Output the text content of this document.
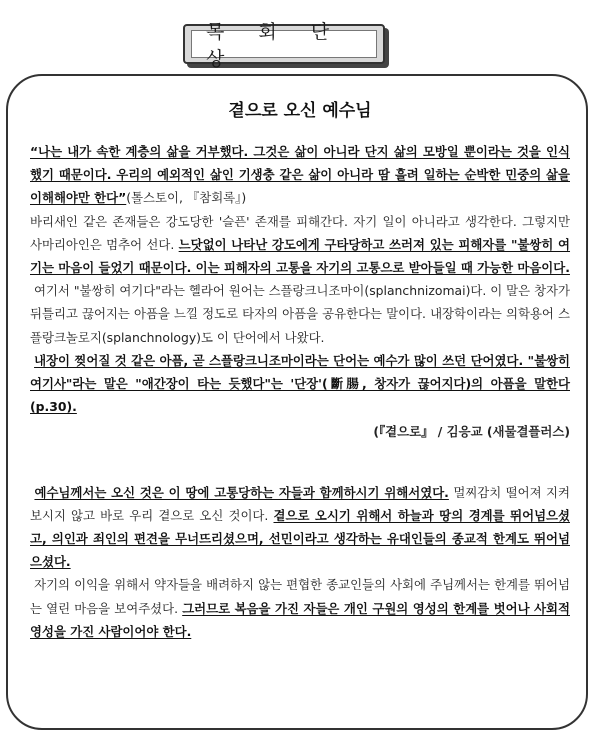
목 회 단 상
곁으로 오신 예수님

“나는 내가 속한 계층의 삶을 거부했다. 그것은 삶이 아니라 단지 삶의 모방일 뿐이라는 것을 인식했기 때문이다. 우리의 예외적인 삶인 기생충 같은 삶이 아니라 땀 흘려 일하는 순박한 민중의 삶을 이해해야만 한다”(톨스토이, 『참회록』)

바리새인 같은 존재들은 강도당한 '슬픈' 존재를 피해간다. 자기 일이 아니라고 생각한다. 그렇지만 사마리아인은 멈추어 선다. 느닷없이 나타난 강도에게 구타당하고 쓰러져 있는 피해자를 "불쌍히 여기는 마음이 들었기 때문이다. 이는 피해자의 고통을 자기의 고통으로 받아들일 때 가능한 마음이다.

여기서 "불쌍히 여기다"라는 헬라어 원어는 스플랑크니조마이(splanchnizomai)다. 이 말은 창자가 뒤틀리고 끊어지는 아픔을 느낄 정도로 타자의 아픔을 공유한다는 말이다. 내장학이라는 의학용어 스플랑크놀로지(splanchnology)도 이 단어에서 나왔다.

내장이 찢어질 것 같은 아픔, 곧 스플랑크니조마이라는 단어는 예수가 많이 쓰던 단어였다. "불쌍히 여기사"라는 말은 "애간장이 타는 듯했다"는 '단장'(斷腸, 창자가 끊어지다)의 아픔을 말한다(p.30).

(『곁으로』 / 김응교 (새물결플러스)

예수님께서는 오신 것은 이 땅에 고통당하는 자들과 함께하시기 위해서였다. 멀찌감치 떨어져 지켜보시지 않고 바로 우리 곁으로 오신 것이다. 곁으로 오시기 위해서 하늘과 땅의 경계를 뛰어넘으셨고, 의인과 죄인의 편견을 무너뜨리셨으며, 선민이라고 생각하는 유대인들의 종교적 한계도 뛰어넘으셨다.

자기의 이익을 위해서 약자들을 배려하지 않는 편협한 종교인들의 사회에 주님께서는 한계를 뛰어넘는 열린 마음을 보여주셨다. 그러므로 복음을 가진 자들은 개인 구원의 영성의 한계를 벗어나 사회적 영성을 가진 사람이어야 한다.
